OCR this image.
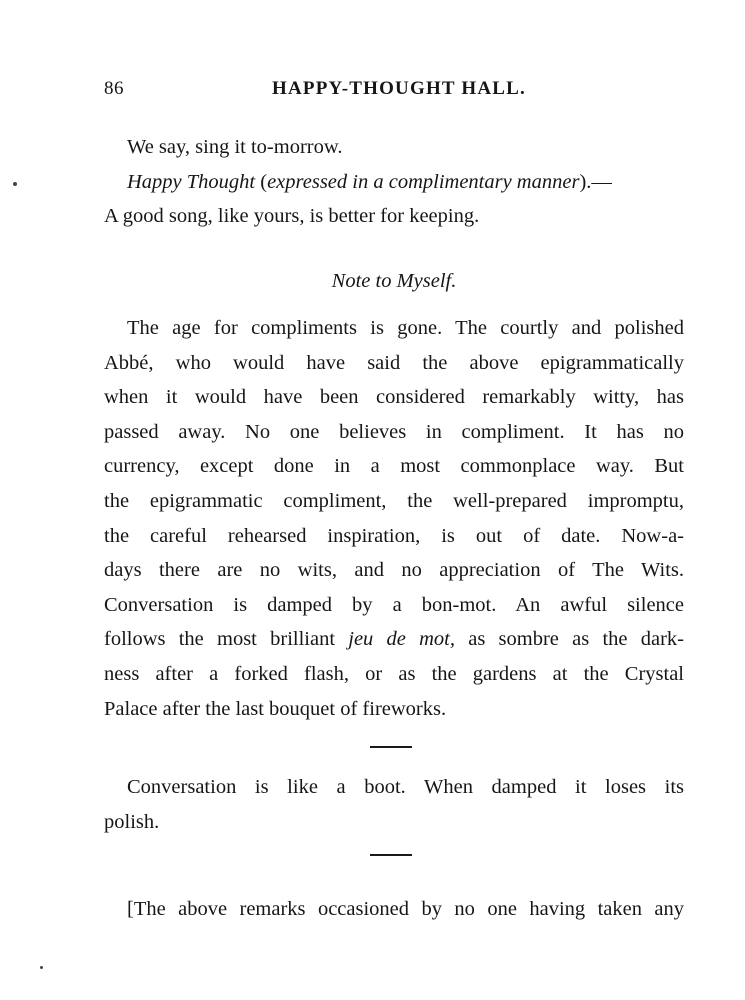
86	HAPPY-THOUGHT HALL.
We say, sing it to-morrow.
Happy Thought (expressed in a complimentary manner).—
A good song, like yours, is better for keeping.
Note to Myself.
The age for compliments is gone. The courtly and polished
Abbé, who would have said the above epigrammatically
when it would have been considered remarkably witty, has
passed away. No one believes in compliment. It has no
currency, except done in a most commonplace way. But
the epigrammatic compliment, the well-prepared impromptu,
the careful rehearsed inspiration, is out of date. Now-a-
days there are no wits, and no appreciation of The Wits.
Conversation is damped by a bon-mot. An awful silence
follows the most brilliant jeu de mot, as sombre as the dark-
ness after a forked flash, or as the gardens at the Crystal
Palace after the last bouquet of fireworks.
Conversation is like a boot. When damped it loses its
polish.
[The above remarks occasioned by no one having taken any
